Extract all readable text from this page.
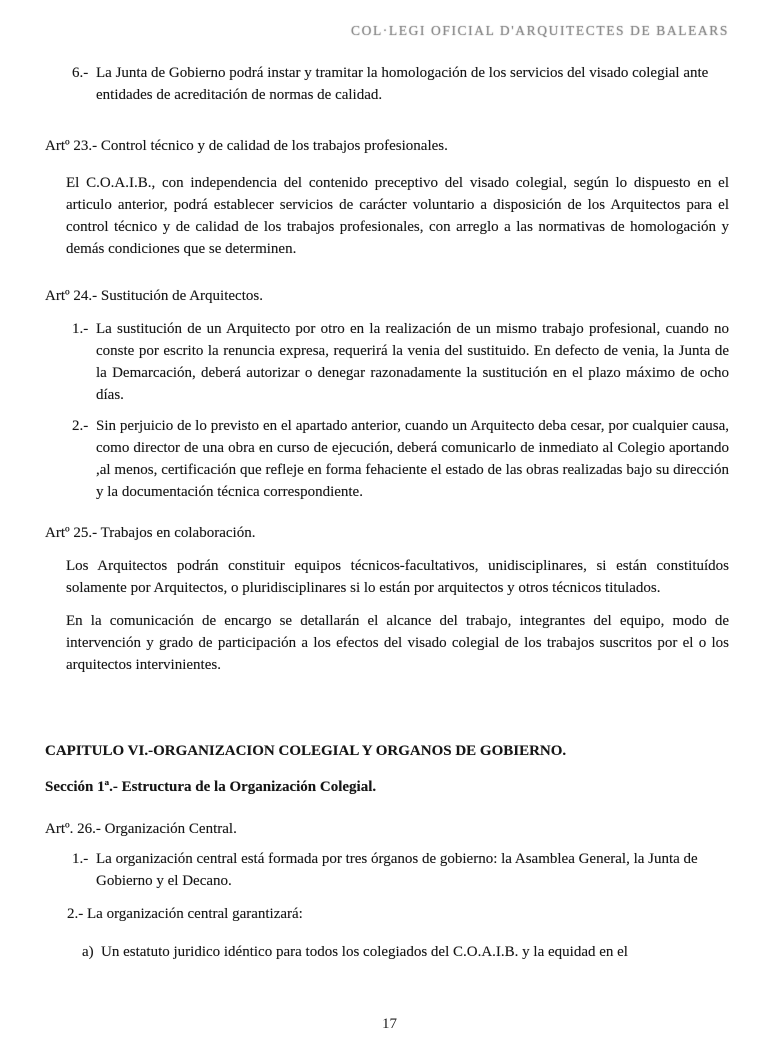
COL·LEGI OFICIAL D'ARQUITECTES DE BALEARS
6.- La Junta de Gobierno podrá instar y tramitar la homologación de los servicios del visado colegial ante entidades de acreditación de normas de calidad.

Artº 23.- Control técnico y de calidad de los trabajos profesionales.

El C.O.A.I.B., con independencia del contenido preceptivo del visado colegial, según lo dispuesto en el articulo anterior, podrá establecer servicios de carácter voluntario a disposición de los Arquitectos para el control técnico y de calidad de los trabajos profesionales, con arreglo a las normativas de homologación y demás condiciones que se determinen.

Artº 24.- Sustitución de Arquitectos.

1.- La sustitución de un Arquitecto por otro en la realización de un mismo trabajo profesional, cuando no conste por escrito la renuncia expresa, requerirá la venia del sustituido. En defecto de venia, la Junta de la Demarcación, deberá autorizar o denegar razonadamente la sustitución en el plazo máximo de ocho días.
2.- Sin perjuicio de lo previsto en el apartado anterior, cuando un Arquitecto deba cesar, por cualquier causa, como director de una obra en curso de ejecución, deberá comunicarlo de inmediato al Colegio aportando ,al menos, certificación que refleje en forma fehaciente el estado de las obras realizadas bajo su dirección y la documentación técnica correspondiente.

Artº 25.- Trabajos en colaboración.

Los Arquitectos podrán constituir equipos técnicos-facultativos, unidisciplinares, si están constituídos solamente por Arquitectos, o pluridisciplinares si lo están por arquitectos y otros técnicos titulados.

En la comunicación de encargo se detallarán el alcance del trabajo, integrantes del equipo, modo de intervención y grado de participación a los efectos del visado colegial de los trabajos suscritos por el o los arquitectos intervinientes.

CAPITULO VI.-ORGANIZACION COLEGIAL Y ORGANOS DE GOBIERNO.

Sección 1ª.- Estructura de la Organización Colegial.

Artº. 26.- Organización Central.

1.- La organización central está formada por tres órganos de gobierno: la Asamblea General, la Junta de Gobierno y el Decano.
2.- La organización central garantizará:
a) Un estatuto juridico idéntico para todos los colegiados del C.O.A.I.B. y la equidad en el
17
